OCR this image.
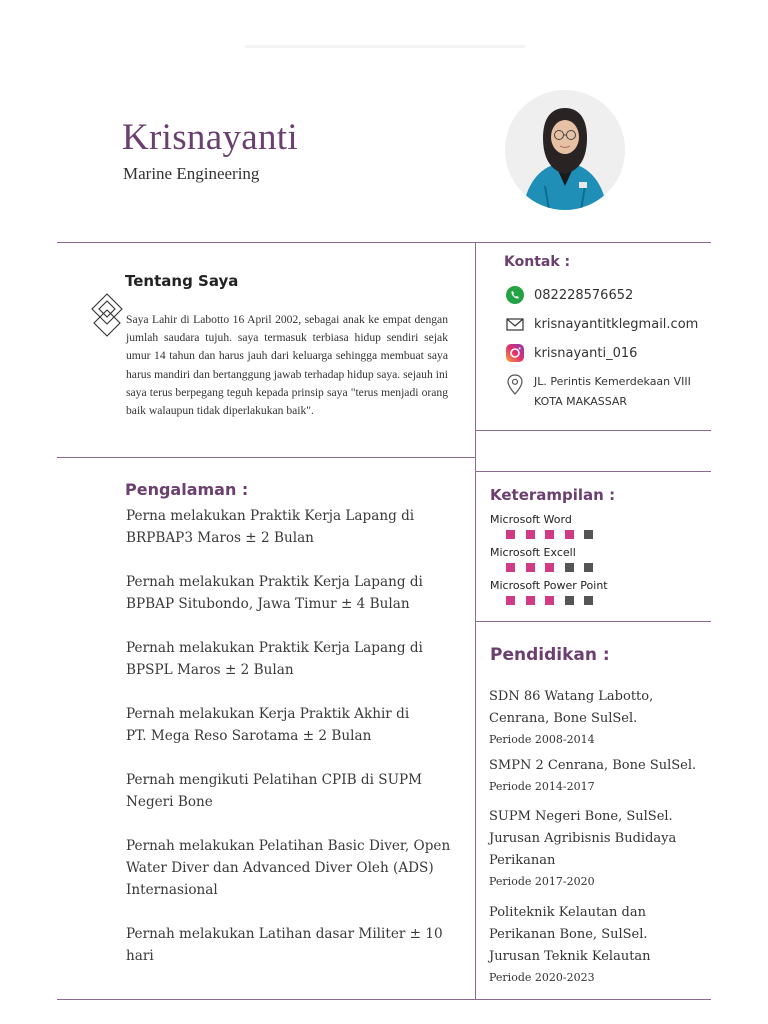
Krisnayanti
Marine Engineering
Tentang Saya
Saya Lahir di Labotto 16 April 2002, sebagai anak ke empat dengan jumlah saudara tujuh. saya termasuk terbiasa hidup sendiri sejak umur 14 tahun dan harus jauh dari keluarga sehingga membuat saya harus mandiri dan bertanggung jawab terhadap hidup saya. sejauh ini saya terus berpegang teguh kepada prinsip saya "terus menjadi orang baik walaupun tidak diperlakukan baik".
Kontak :
082228576652
krisnayantitklegmail.com
krisnayanti_016
JL. Perintis Kemerdekaan VIII
KOTA MAKASSAR
Pengalaman :
Perna melakukan Praktik Kerja Lapang di
BRPBAP3 Maros ± 2 Bulan
Pernah melakukan Praktik Kerja Lapang di
BPBAP Situbondo, Jawa Timur ± 4 Bulan
Pernah melakukan Praktik Kerja Lapang di
BPSPL Maros ± 2 Bulan
Pernah melakukan Kerja Praktik Akhir di
PT. Mega Reso Sarotama ± 2 Bulan
Pernah mengikuti Pelatihan CPIB di SUPM
Negeri Bone
Pernah melakukan Pelatihan Basic Diver, Open
Water Diver dan Advanced Diver Oleh (ADS)
Internasional
Pernah melakukan Latihan dasar Militer ± 10
hari
Keterampilan :
Microsoft Word
Microsoft Excell
Microsoft Power Point
Pendidikan :
SDN 86 Watang Labotto,
Cenrana, Bone SulSel.
Periode 2008-2014
SMPN 2 Cenrana, Bone SulSel.
Periode 2014-2017
SUPM Negeri Bone, SulSel.
Jurusan Agribisnis Budidaya
Perikanan
Periode 2017-2020
Politeknik Kelautan dan
Perikanan Bone, SulSel.
Jurusan Teknik Kelautan
Periode 2020-2023
